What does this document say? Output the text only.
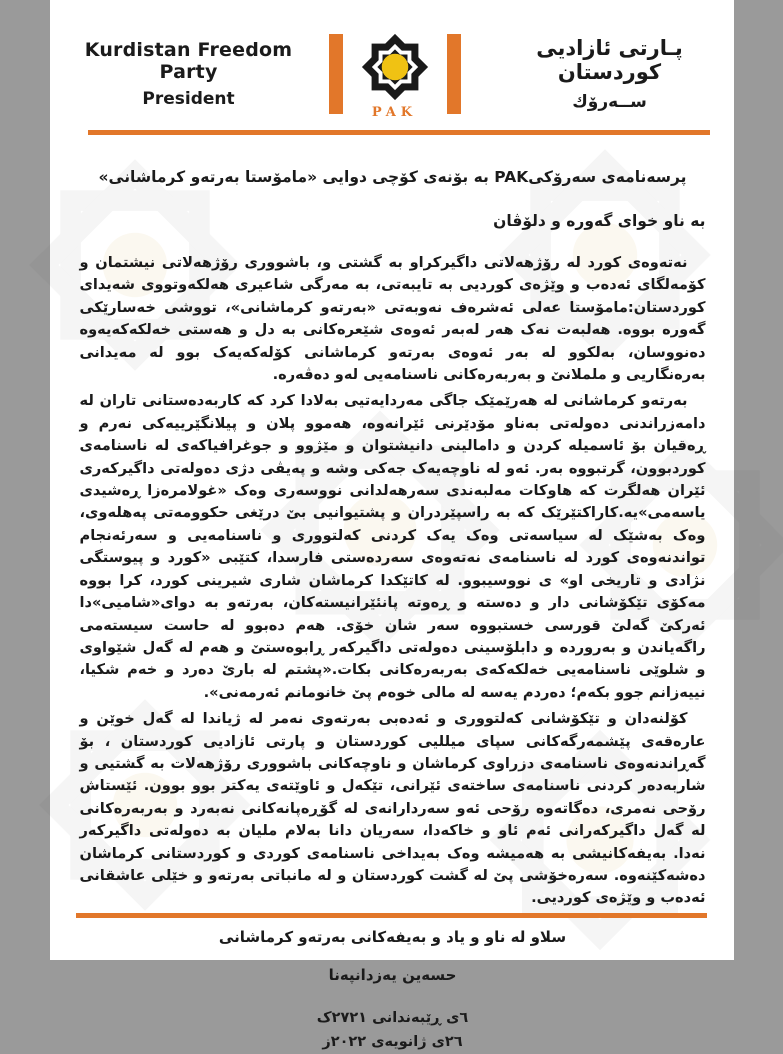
Kurdistan Freedom Party
President
PAK
پـارتی ئازادیی کوردستان
ســەرۆك
پرسه‌نامه‌ی سه‌رۆکیPAK به بۆنه‌ی کۆچی دوایی «مامۆستا به‌رته‌و کرماشانی»
به ناو خوای گه‌وره و دلۆڤان

نه‌ته‌وه‌ی کورد له رۆژهه‌لاتی داگیرکراو به گشتی و، باشووری رۆژهه‌لاتی نیشتمان و کۆمه‌لگای ئه‌ده‌ب و وێژه‌ی کوردیی به تایبه‌تی، به مه‌رگی شاعیری هه‌لکه‌وتووی شه‌یدای کوردستان:مامۆستا عه‌لی ئه‌شره‌ف نه‌وبه‌تی «به‌رته‌و کرماشانی»، تووشی خه‌سارێکی گه‌وره بووه. هه‌لبه‌ت نه‌ک هه‌ر له‌به‌ر ئه‌وه‌ی شێعره‌کانی به دل و هه‌ستی خه‌لکه‌که‌یه‌وه ده‌نووسان، به‌لکوو له به‌ر ئه‌وه‌ی به‌رته‌و کرماشانی کۆله‌که‌یه‌ک بوو له مه‌یدانی به‌ره‌نگاریی و ململانێ و به‌ربه‌ره‌کانی ناسنامه‌یی له‌و ده‌ڤه‌ره.

به‌رته‌و کرماشانی له هه‌رێمێک جاگی مه‌ردایه‌تیی به‌لادا کرد که کاربه‌ده‌ستانی تاران له دامه‌زراندنی ده‌وله‌تی به‌ناو مۆدێرنی ئێرانه‌وه، هه‌موو پلان و پیلانگێرییه‌کی نه‌رم و ڕه‌قیان بۆ ئاسمیله کردن و دامالینی دانیشتوان و مێژوو و جوغرافیاکه‌ی له ناسنامه‌ی کوردبوون، گرتبووه به‌ر. ئه‌و له ناوچه‌یه‌ک جه‌کی وشه و په‌یڤی دژی ده‌وله‌تی داگیرکه‌ری ئێران هه‌لگرت که هاوکات مه‌لبه‌ندی سه‌رهه‌لدانی نووسه‌ری وه‌ک «غولامرەزا ڕەشیدی یاسه‌می»یه.کاراکتێرێک که به راسپێردران و پشتیوانیی بێ درێغی حکوومه‌تی په‌هله‌وی، وه‌ک به‌شێک له سیاسه‌تی وه‌ک یه‌ک کردنی که‌لتووری و ناسنامه‌یی و سه‌رئه‌نجام تواندنه‌وه‌ی کورد له ناسنامه‌ی نه‌ته‌وه‌ی سه‌رده‌ستی فارسدا، کتێبی «کورد و پیوستگی نژادی و تاریخی او» ی نووسیبوو. له کاتێکدا کرماشان شاری شیرینی کورد، کرا بووه مه‌کۆی تێکۆشانی دار و ده‌سته و ڕه‌وته پانئێرانیسته‌کان، به‌رته‌و به دوای«شامیی»دا ئه‌رکێ گه‌لێ قورسی خستبووه سه‌ر شان خۆی. هه‌م ده‌بوو له حاست سیسته‌می راگه‌یاندن و به‌رورده و دابلۆسینی ده‌وله‌تی داگیرکه‌ر ڕابوه‌ستێ و هه‌م له گه‌ل شێواوی و شلوێی ناسنامه‌یی خه‌لکه‌که‌ی به‌ربه‌ره‌کانی بکات.«پشتم له بارێ ده‌رد و خه‌م شکیا، نییه‌زانم جوو بکه‌م؛ ده‌ردم یه‌سه له مالی خوه‌م پێ خانومانم ئه‌رمه‌نی».

کۆلنه‌دان و تێکۆشانی که‌لتووری و ئه‌ده‌بی به‌رته‌وی نه‌مر له ژیاندا له گه‌ل خوێن و عاره‌قه‌ی پێشمه‌رگه‌کانی سپای میللیی کوردستان و پارتی ئازادیی کوردستان ، بۆ گه‌ڕاندنه‌وه‌ی ناسنامه‌ی دزراوی کرماشان و ناوچه‌کانی باشووری رۆژهه‌لات به گشتیی و شاربه‌ده‌ر کردنی ناسنامه‌ی ساخته‌ی ئێرانی، تێکه‌ل و ئاوێته‌ی یه‌کتر بوو بوون. ئێستاش رۆحی نه‌مری، ده‌گاته‌وه رۆحی ئه‌و سه‌ردارانه‌ی له گۆڕه‌پانه‌کانی نه‌به‌رد و به‌ربه‌ره‌کانی له گه‌ل داگیرکه‌رانی ئه‌م ئاو و خاکه‌دا، سه‌ریان دانا به‌لام ملیان به ده‌وله‌تی داگیرکه‌ر نه‌دا. به‌یفه‌کانیشی به هه‌میشه وه‌ک به‌یداخی ناسنامه‌ی کوردی و کوردستانی کرماشان ده‌شه‌کێنه‌وه. سه‌ره‌خۆشی پێ له گشت کوردستان و له مانباتی به‌رته‌و و خێلی عاشقانی ئه‌ده‌ب و وێژه‌ی کوردیی.

سلاو له ناو و یاد و به‌یفه‌کانی به‌رته‌و کرماشانی
حسه‌ین یه‌زدانپه‌نا
٦ی ڕێبه‌ندانی ٢٧٢١ک
٢٦ی ژانویه‌ی ٢٠٢٢ز
